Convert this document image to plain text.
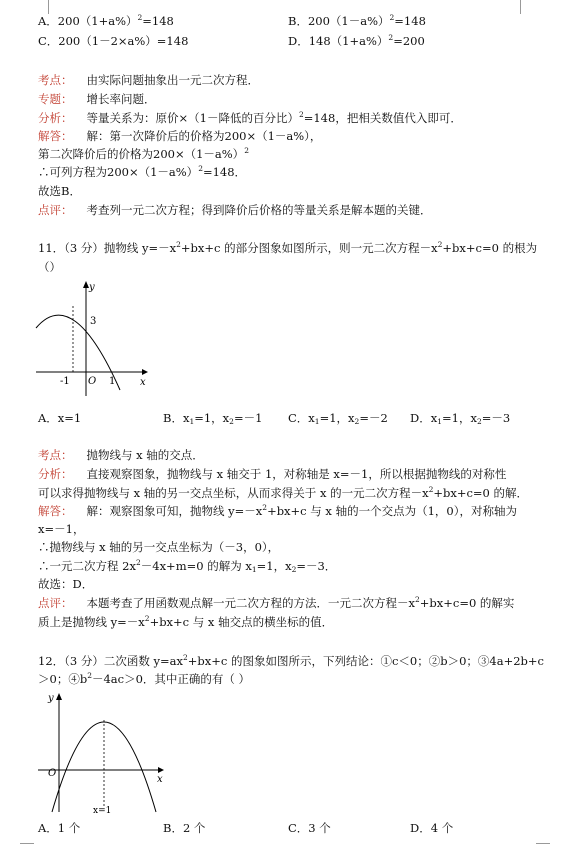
A．$200(1+a\%)^2=148$	B．$200(1-a\%)^2=148$
C．200（1－2×a%）=148	D．$148(1+a\%)^2=200$
考点： 由实际问题抽象出一元二次方程．
专题： 增长率问题．
分析： 等量关系为：原价×（1－降低的百分比）$^2$=148，把相关数值代入即可．
解答： 解：第一次降价后的价格为200×（1－a%），
第二次降价后的价格为$200\times(1-a\%)^2$
∴可列方程为$200\times(1-a\%)^2=148$．
故选B．
点评： 考查列一元二次方程；得到降价后价格的等量关系是解本题的关键．
11．（3 分）抛物线 $y=-x^2+bx+c$ 的部分图象如图所示，则一元二次方程$-x^2+bx+c=0$ 的根为
（）
y
x
3
-1 O 1
A．x=1	B．$x_1=1$，$x_2=-1$ C．$x_1=1$，$x_2=-2$ D．$x_1=1$，$x_2=-3$
考点： 抛物线与 x 轴的交点．
分析： 直接观察图象，抛物线与 x 轴交于 1，对称轴是 x=－1，所以根据抛物线的对称性
可以求得抛物线与 x 轴的另一交点坐标，从而求得关于 x 的一元二次方程$-x^2+bx+c=0$ 的解．
解答： 解：观察图象可知，抛物线 $y=-x^2+bx+c$ 与 x 轴的一个交点为（1，0），对称轴为
x=－1，
∴抛物线与 x 轴的另一交点坐标为（－3，0），
∴一元二次方程 $2x^2-4x+m=0$ 的解为 $x_1=1$，$x_2=-3$．
故选：D．
点评： 本题考查了用函数观点解一元二次方程的方法．一元二次方程$-x^2+bx+c=0$ 的解实
质上是抛物线 $y=-x^2+bx+c$ 与 x 轴交点的横坐标的值．
12．（3 分）二次函数 $y=ax^2+bx+c$ 的图象如图所示，下列结论：①c＜0；②b＞0；③4a+2b+c
＞0；$④b^2-4ac>0$．其中正确的有（ ）
y
x
O
x=1
A．1 个	B．2 个	C．3 个	D．4 个
